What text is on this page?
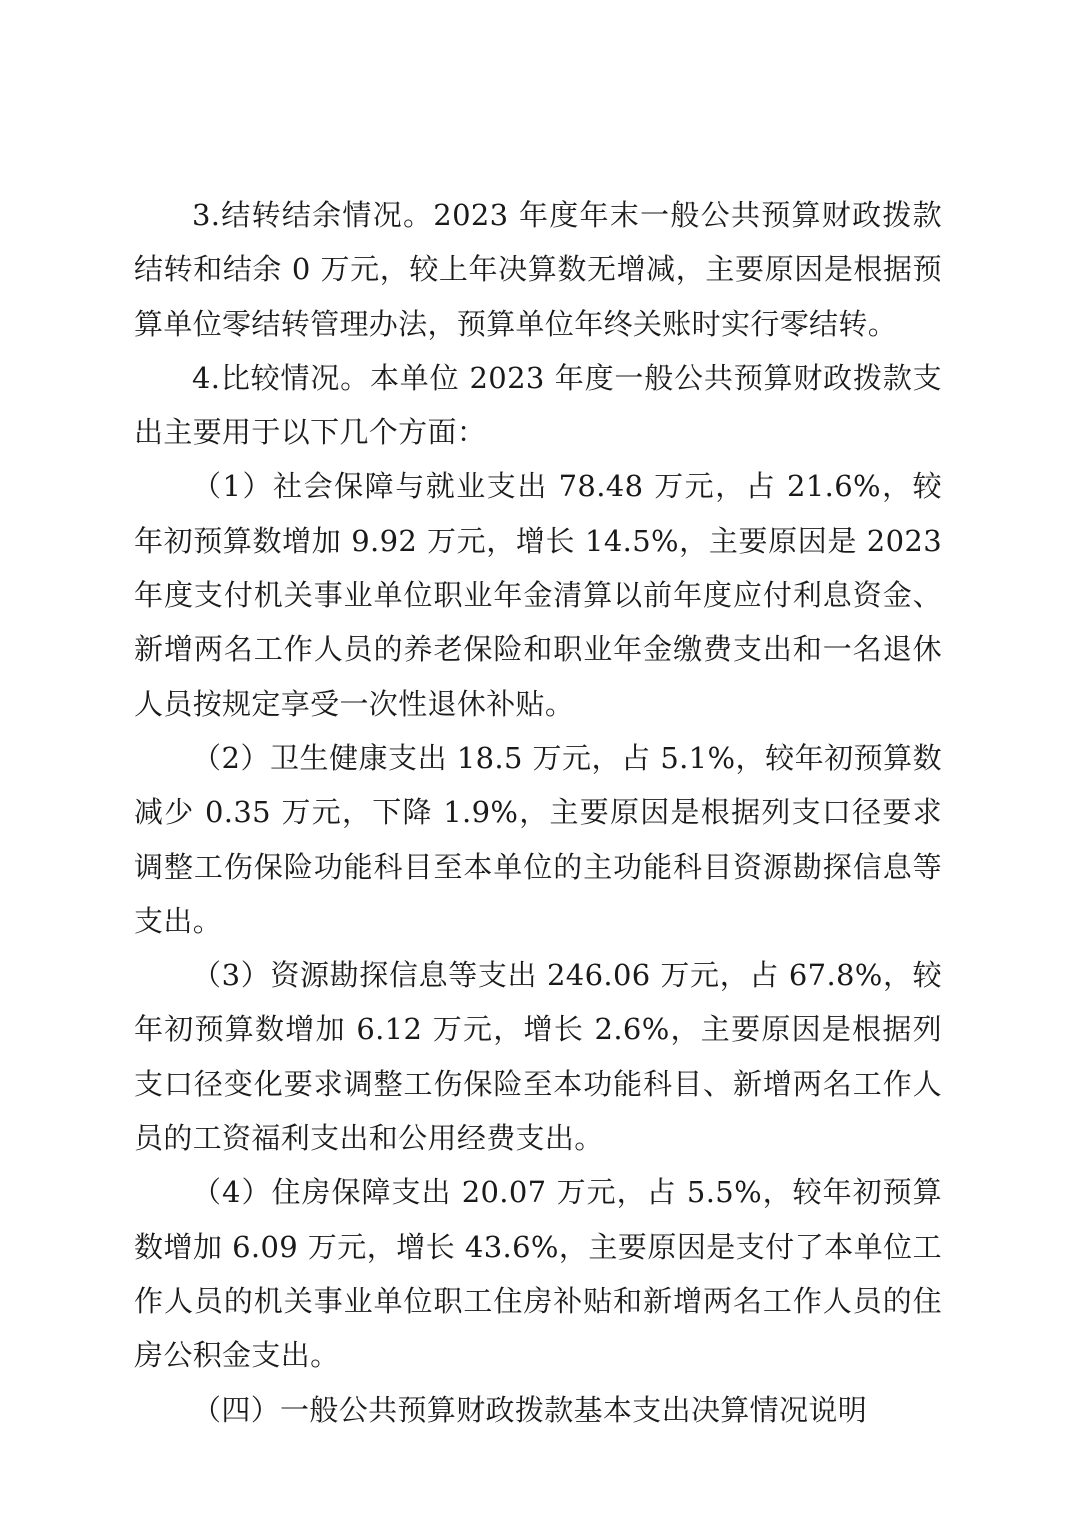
3.结转结余情况。2023 年度年末一般公共预算财政拨款结转和结余 0 万元，较上年决算数无增减，主要原因是根据预算单位零结转管理办法，预算单位年终关账时实行零结转。

4.比较情况。本单位 2023 年度一般公共预算财政拨款支出主要用于以下几个方面：

（1）社会保障与就业支出 78.48 万元，占 21.6%，较年初预算数增加 9.92 万元，增长 14.5%，主要原因是 2023 年度支付机关事业单位职业年金清算以前年度应付利息资金、新增两名工作人员的养老保险和职业年金缴费支出和一名退休人员按规定享受一次性退休补贴。

（2）卫生健康支出 18.5 万元，占 5.1%，较年初预算数减少 0.35 万元，下降 1.9%，主要原因是根据列支口径要求调整工伤保险功能科目至本单位的主功能科目资源勘探信息等支出。

（3）资源勘探信息等支出 246.06 万元，占 67.8%，较年初预算数增加 6.12 万元，增长 2.6%，主要原因是根据列支口径变化要求调整工伤保险至本功能科目、新增两名工作人员的工资福利支出和公用经费支出。

（4）住房保障支出 20.07 万元，占 5.5%，较年初预算数增加 6.09 万元，增长 43.6%，主要原因是支付了本单位工作人员的机关事业单位职工住房补贴和新增两名工作人员的住房公积金支出。

（四）一般公共预算财政拨款基本支出决算情况说明
